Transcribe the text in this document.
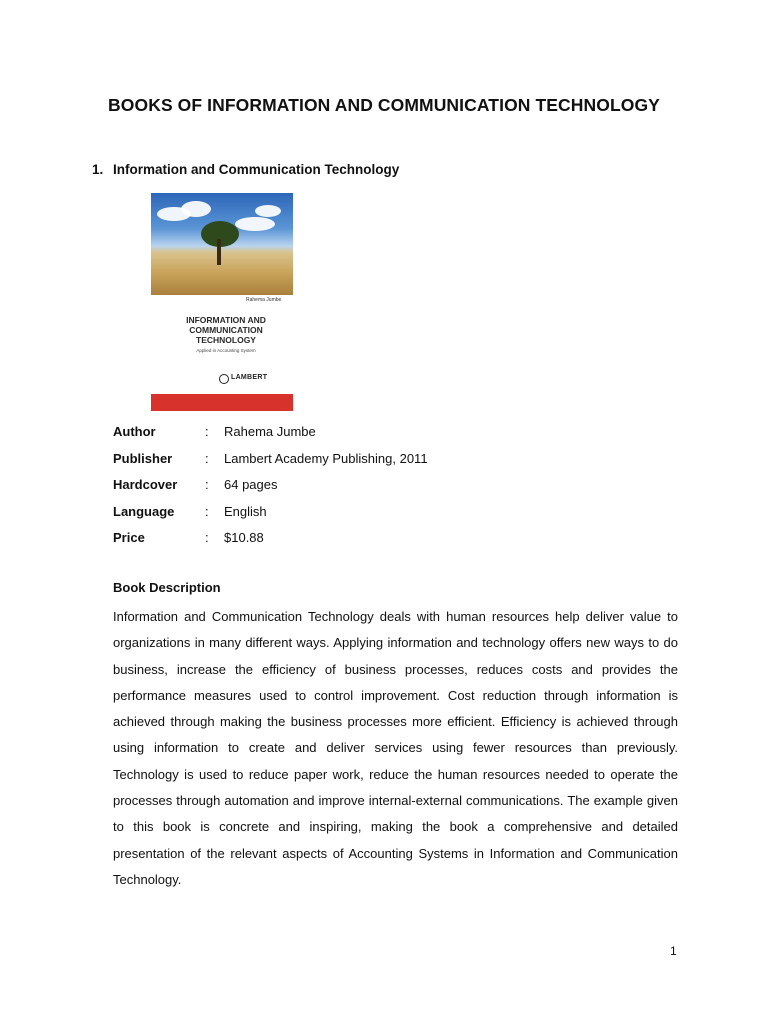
BOOKS OF INFORMATION AND COMMUNICATION TECHNOLOGY
1. Information and Communication Technology
Rahema Jumbe
INFORMATION AND
COMMUNICATION
TECHNOLOGY
Applied in Accounting System
LAMBERT
Author	: Rahema Jumbe
Publisher	: Lambert Academy Publishing, 2011
Hardcover : 64 pages
Language : English
Price	: $10.88
Book Description
Information and Communication Technology deals with human resources help deliver value to organizations in many different ways. Applying information and technology offers new ways to do business, increase the efficiency of business processes, reduces costs and provides the performance measures used to control improvement. Cost reduction through information is achieved through making the business processes more efficient. Efficiency is achieved through using information to create and deliver services using fewer resources than previously. Technology is used to reduce paper work, reduce the human resources needed to operate the processes through automation and improve internal-external communications. The example given to this book is concrete and inspiring, making the book a comprehensive and detailed presentation of the relevant aspects of Accounting Systems in Information and Communication Technology.
1
